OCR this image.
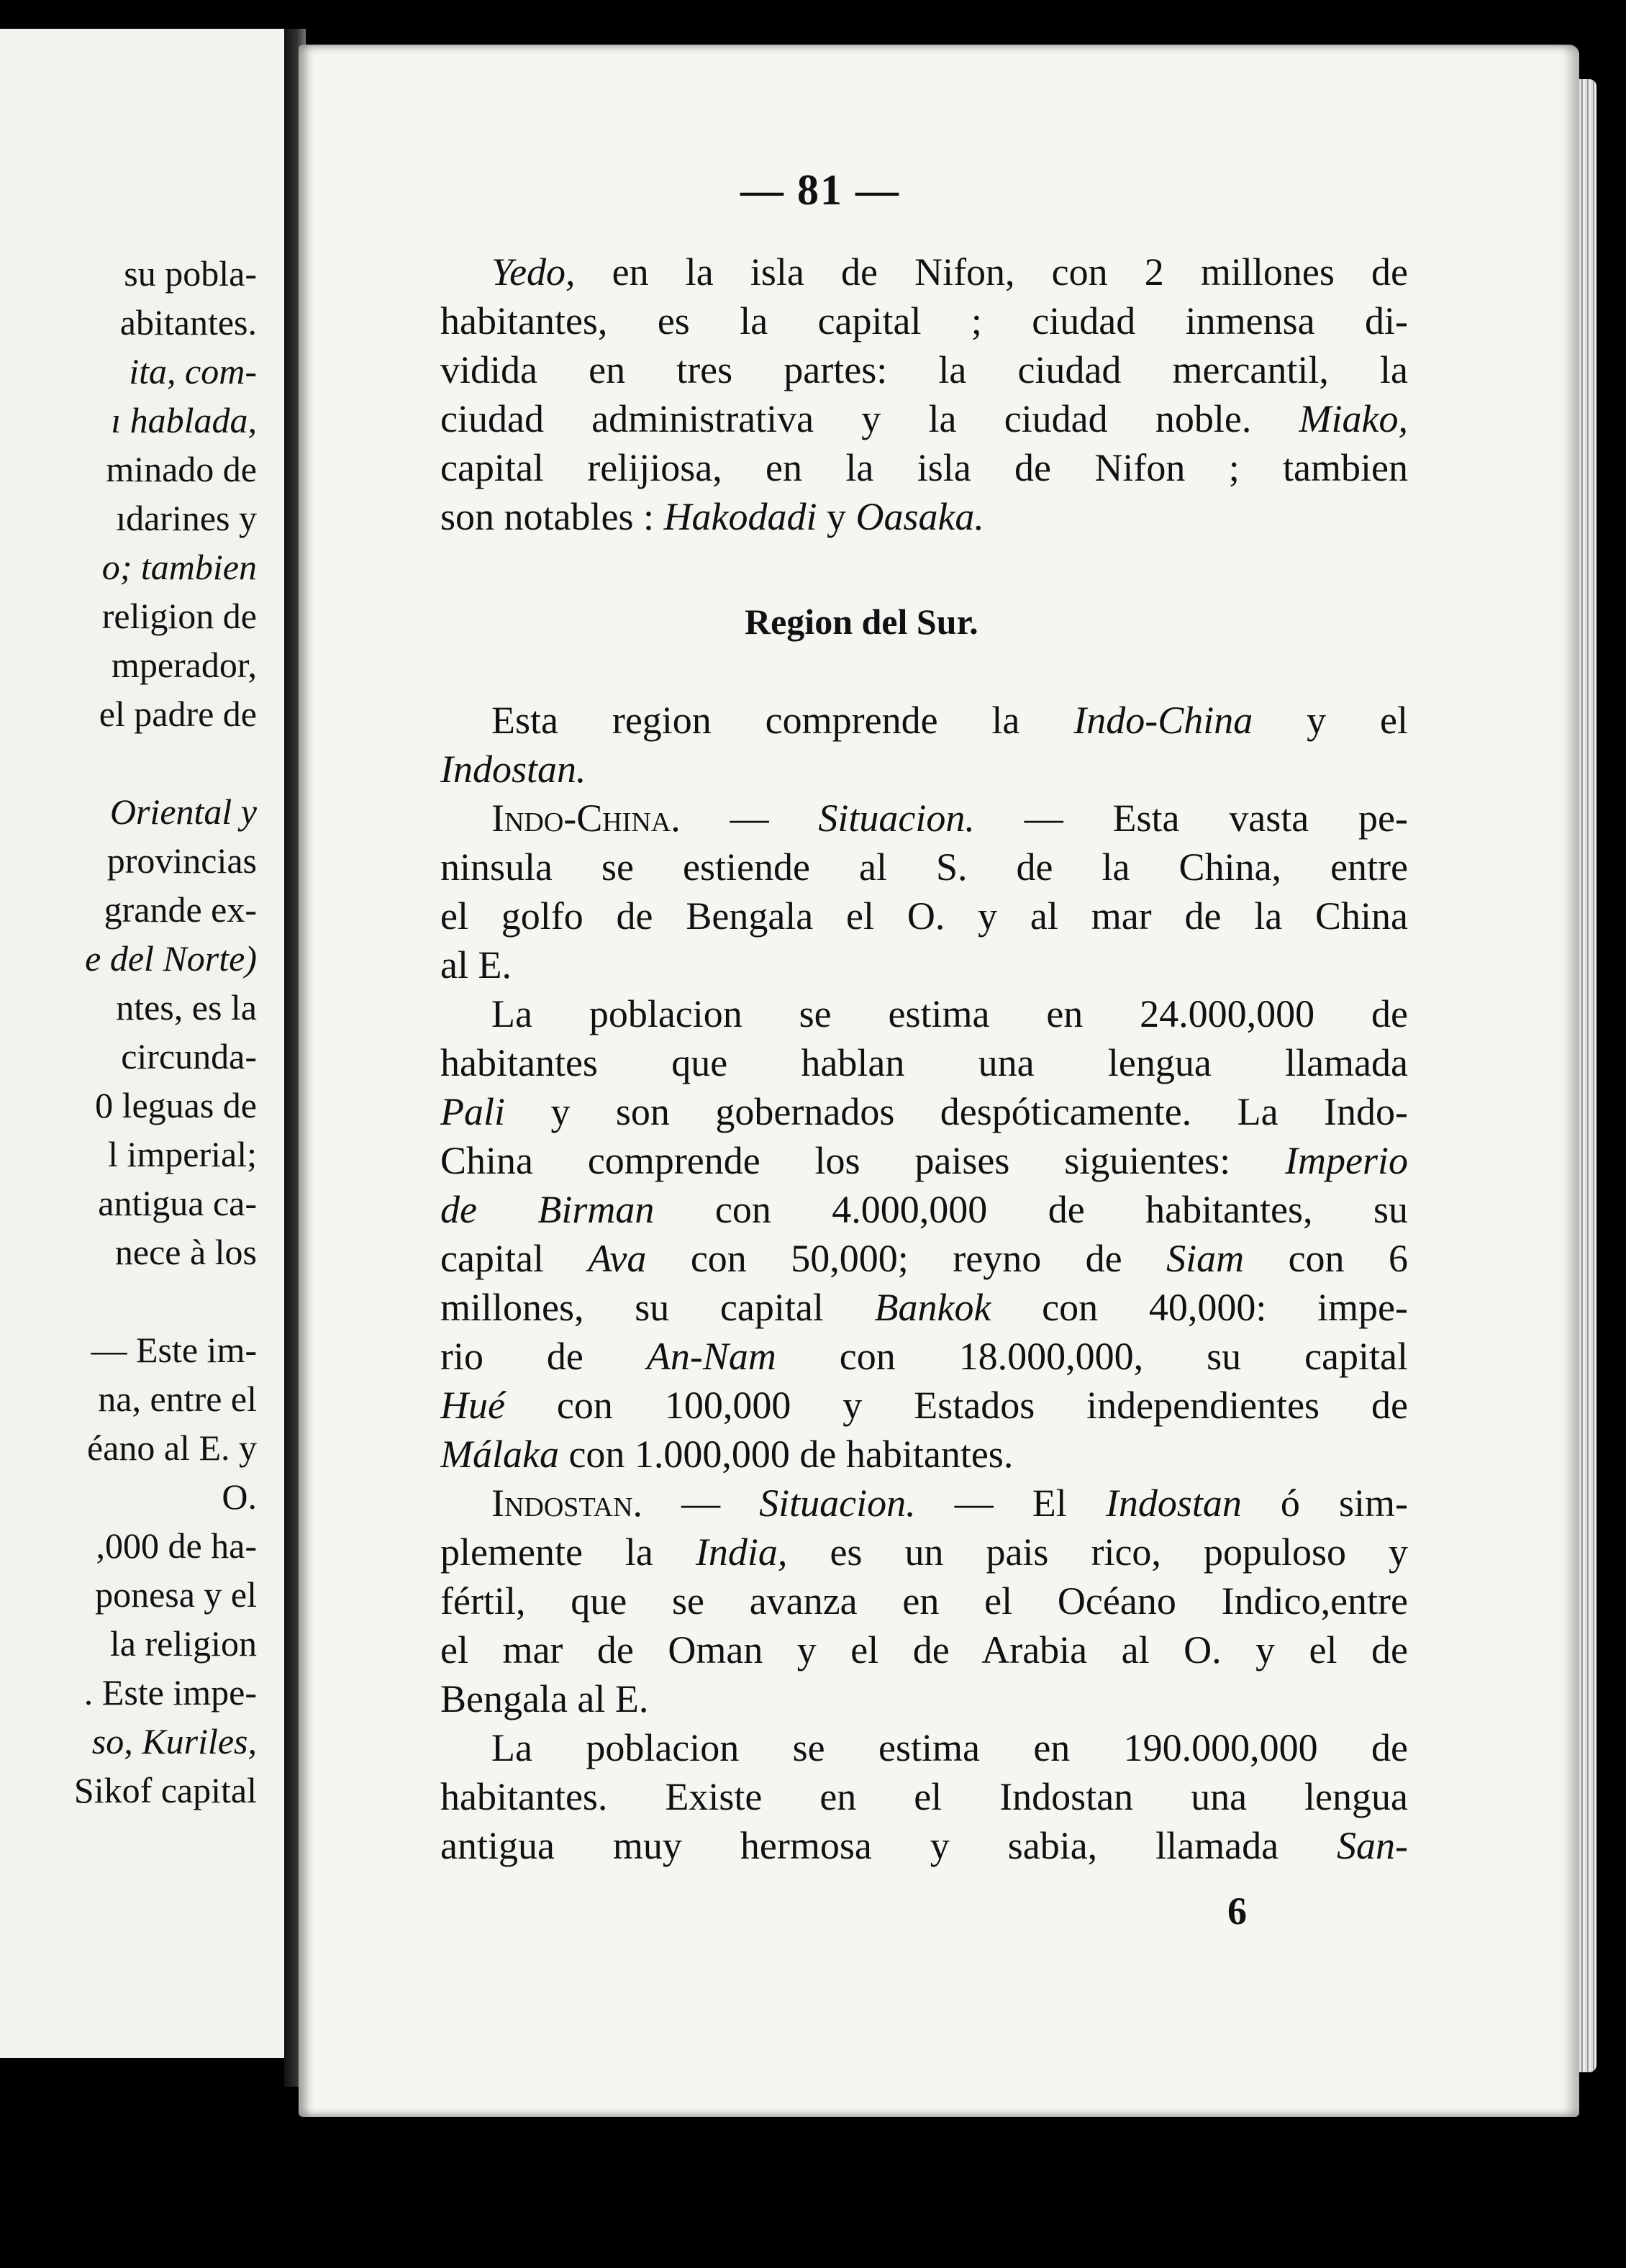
su pobla-
abitantes.
ita, com-
ı hablada,
minado de
ıdarines y
o; tambien
religion de
mperador,
el padre de
Oriental y
provincias
grande ex-
e del Norte)
ntes, es la
circunda-
0 leguas de
l imperial;
antigua ca-
nece à los
— Este im-
na, entre el
éano al E. y
O.
,000 de ha-
ponesa y el
la religion
. Este impe-
so, Kuriles,
Sikof capital
— 81 —
Yedo, en la isla de Nifon, con 2 millones de
habitantes, es la capital ; ciudad inmensa di-
vidida en tres partes: la ciudad mercantil, la
ciudad administrativa y la ciudad noble. Miako,
capital relijiosa, en la isla de Nifon ; tambien
son notables : Hakodadi y Oasaka.
Region del Sur.
Esta region comprende la Indo-China y el
Indostan.
Indo-China. — Situacion. — Esta vasta pe-
ninsula se estiende al S. de la China, entre
el golfo de Bengala el O. y al mar de la China
al E.
La poblacion se estima en 24.000,000 de
habitantes que hablan una lengua llamada
Pali y son gobernados despóticamente. La Indo-
China comprende los paises siguientes: Imperio
de Birman con 4.000,000 de habitantes, su
capital Ava con 50,000; reyno de Siam con 6
millones, su capital Bankok con 40,000: impe-
rio de An-Nam con 18.000,000, su capital
Hué con 100,000 y Estados independientes de
Málaka con 1.000,000 de habitantes.
Indostan. — Situacion. — El Indostan ó sim-
plemente la India, es un pais rico, populoso y
fértil, que se avanza en el Océano Indico,entre
el mar de Oman y el de Arabia al O. y el de
Bengala al E.
La poblacion se estima en 190.000,000 de
habitantes. Existe en el Indostan una lengua
antigua muy hermosa y sabia, llamada San-
6
